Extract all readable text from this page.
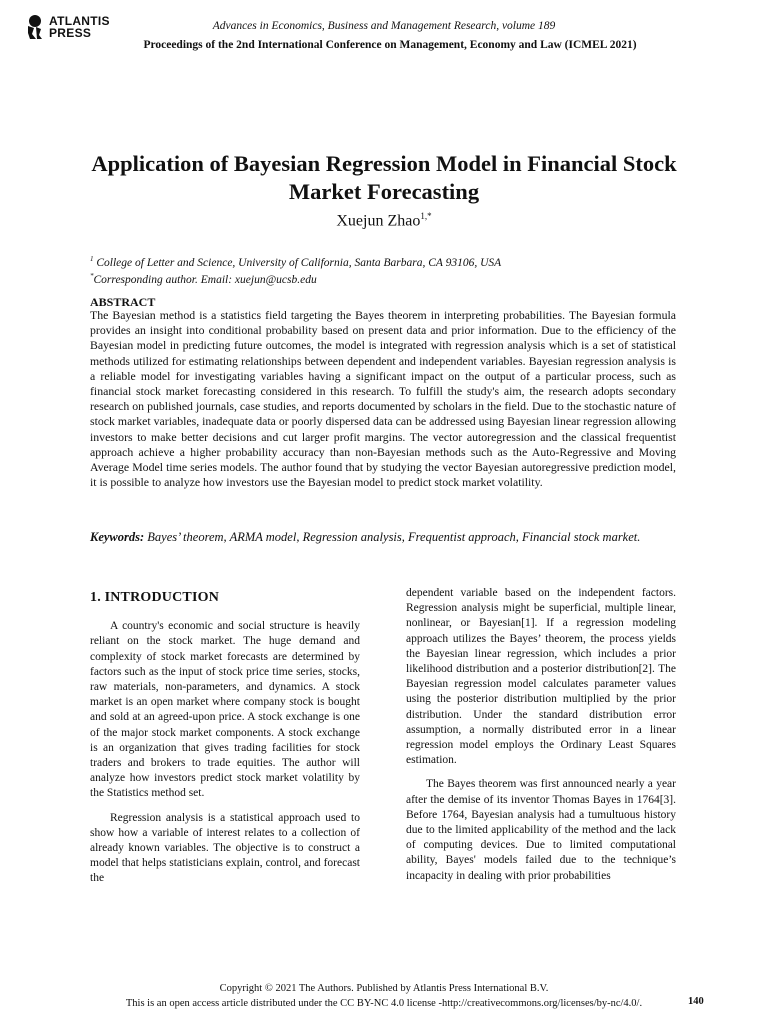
ATLANTIS
PRESS	Advances in Economics, Business and Management Research, volume 189
Proceedings of the 2nd International Conference on Management, Economy and Law (ICMEL 2021)
Application of Bayesian Regression Model in Financial Stock Market Forecasting
Xuejun Zhao$^{1,*}$
$^1$ College of Letter and Science, University of California, Santa Barbara, CA 93106, USA
*Corresponding author. Email: xuejun@ucsb.edu
ABSTRACT

The Bayesian method is a statistics field targeting the Bayes theorem in interpreting probabilities. The Bayesian formula provides an insight into conditional probability based on present data and prior information. Due to the efficiency of the Bayesian model in predicting future outcomes, the model is integrated with regression analysis which is a set of statistical methods utilized for estimating relationships between dependent and independent variables. Bayesian regression analysis is a reliable model for investigating variables having a significant impact on the output of a particular process, such as financial stock market forecasting considered in this research. To fulfill the study's aim, the research adopts secondary research on published journals, case studies, and reports documented by scholars in the field. Due to the stochastic nature of stock market variables, inadequate data or poorly dispersed data can be addressed using Bayesian linear regression allowing investors to make better decisions and cut larger profit margins. The vector autoregression and the classical frequentist approach achieve a higher probability accuracy than non-Bayesian methods such as the Auto-Regressive and Moving Average Model time series models. The author found that by studying the vector Bayesian autoregressive prediction model, it is possible to analyze how investors use the Bayesian model to predict stock market volatility.

Keywords: Bayes’ theorem, ARMA model, Regression analysis, Frequentist approach, Financial stock market.

1. INTRODUCTION

A country's economic and social structure is heavily reliant on the stock market. The huge demand and complexity of stock market forecasts are determined by factors such as the input of stock price time series, stocks, raw materials, non-parameters, and dynamics. A stock market is an open market where company stock is bought and sold at an agreed-upon price. A stock exchange is one of the major stock market components. A stock exchange is an organization that gives trading facilities for stock traders and brokers to trade equities. The author will analyze how investors predict stock market volatility by the Statistics method set.

Regression analysis is a statistical approach used to show how a variable of interest relates to a collection of already known variables. The objective is to construct a model that helps statisticians explain, control, and forecast the

dependent variable based on the independent factors. Regression analysis might be superficial, multiple linear, nonlinear, or Bayesian[1]. If a regression modeling approach utilizes the Bayes’ theorem, the process yields the Bayesian linear regression, which includes a prior likelihood distribution and a posterior distribution[2]. The Bayesian regression model calculates parameter values using the posterior distribution multiplied by the prior distribution. Under the standard distribution error assumption, a normally distributed error in a linear regression model employs the Ordinary Least Squares estimation.

The Bayes theorem was first announced nearly a year after the demise of its inventor Thomas Bayes in 1764[3]. Before 1764, Bayesian analysis had a tumultuous history due to the limited applicability of the method and the lack of computing devices. Due to limited computational ability, Bayes' models failed due to the technique’s incapacity in dealing with prior probabilities

Copyright © 2021 The Authors. Published by Atlantis Press International B.V.
This is an open access article distributed under the CC BY-NC 4.0 license -http://creativecommons.org/licenses/by-nc/4.0/.	140
